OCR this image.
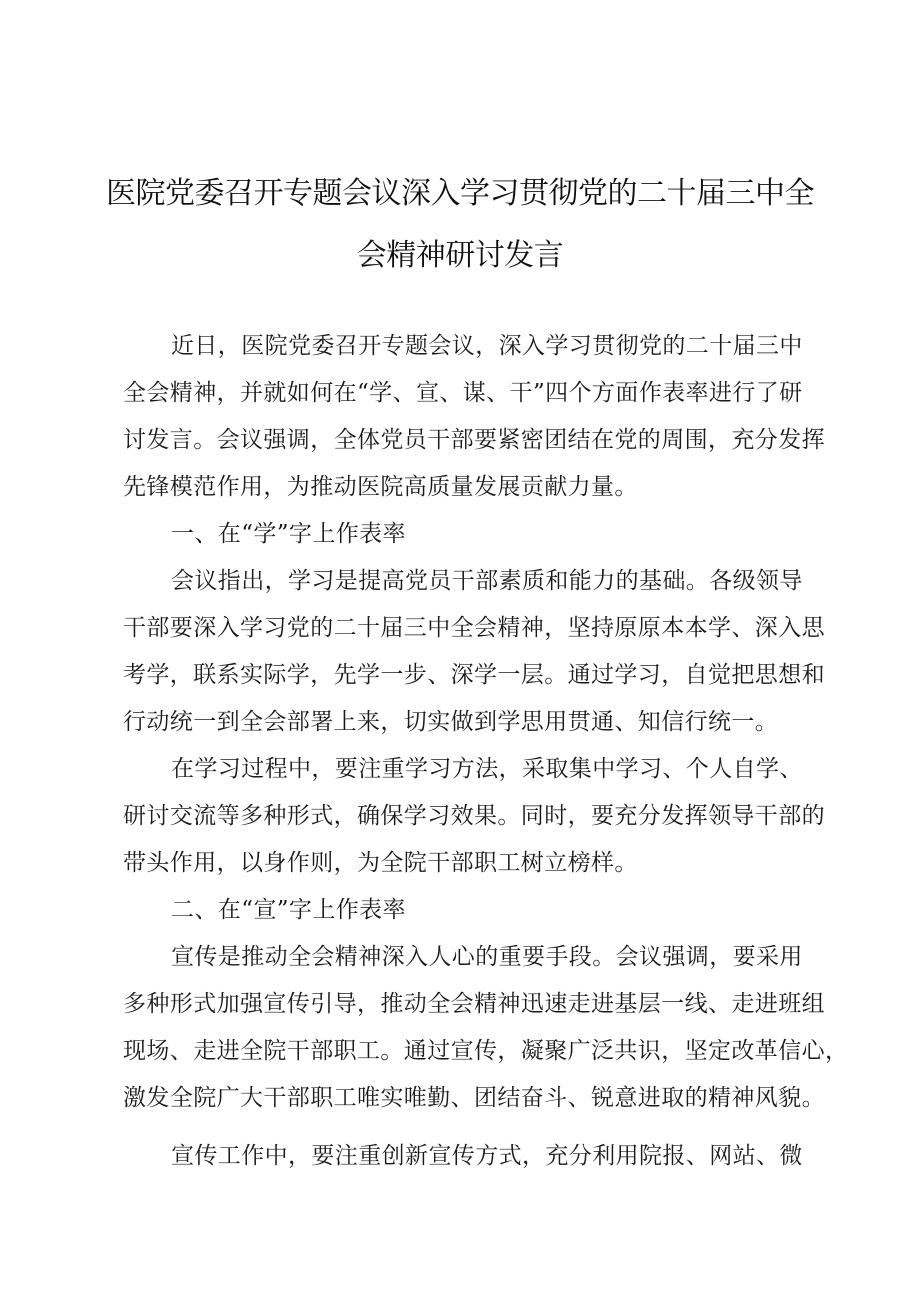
医院党委召开专题会议深入学习贯彻党的二十届三中全
会精神研讨发言
近日，医院党委召开专题会议，深入学习贯彻党的二十届三中
全会精神，并就如何在“学、宣、谋、干”四个方面作表率进行了研
讨发言。会议强调，全体党员干部要紧密团结在党的周围，充分发挥
先锋模范作用，为推动医院高质量发展贡献力量。
一、在“学”字上作表率
会议指出，学习是提高党员干部素质和能力的基础。各级领导
干部要深入学习党的二十届三中全会精神，坚持原原本本学、深入思
考学，联系实际学，先学一步、深学一层。通过学习，自觉把思想和
行动统一到全会部署上来，切实做到学思用贯通、知信行统一。
在学习过程中，要注重学习方法，采取集中学习、个人自学、
研讨交流等多种形式，确保学习效果。同时，要充分发挥领导干部的
带头作用，以身作则，为全院干部职工树立榜样。
二、在“宣”字上作表率
宣传是推动全会精神深入人心的重要手段。会议强调，要采用
多种形式加强宣传引导，推动全会精神迅速走进基层一线、走进班组
现场、走进全院干部职工。通过宣传，凝聚广泛共识，坚定改革信心，
激发全院广大干部职工唯实唯勤、团结奋斗、锐意进取的精神风貌。
宣传工作中，要注重创新宣传方式，充分利用院报、网站、微
